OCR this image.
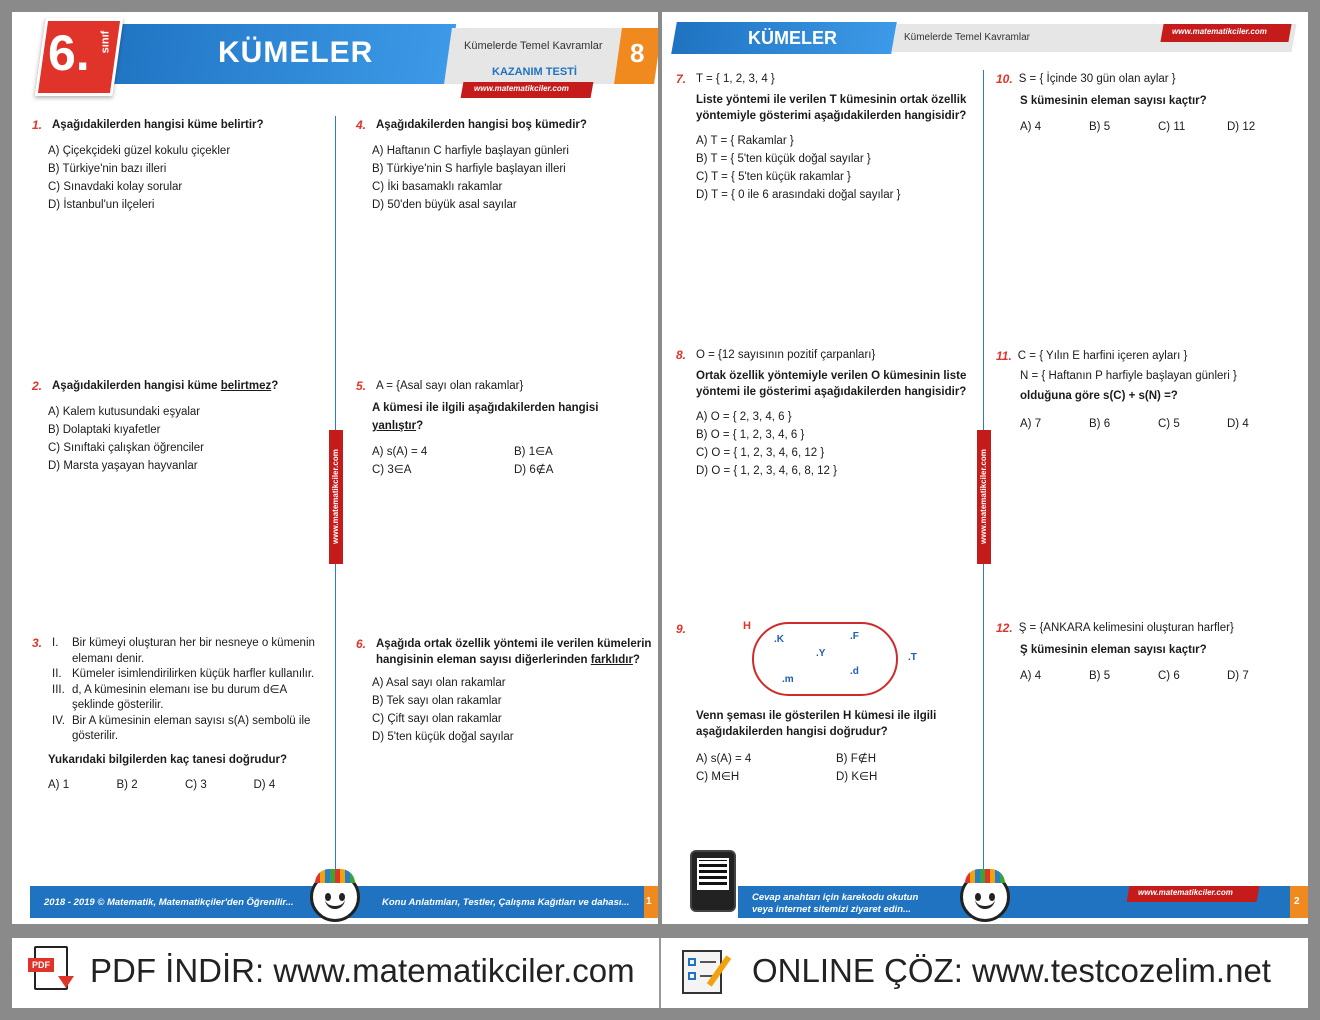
6. sınıf	KÜMELER	Kümelerde Temel Kavramlar
KAZANIM TESTİ
8
www.matematikciler.com
www.matematikciler.com
1. Aşağıdakilerden hangisi küme belirtir?
A) Çiçekçideki güzel kokulu çiçekler
B) Türkiye'nin bazı illeri
C) Sınavdaki kolay sorular
D) İstanbul'un ilçeleri
2. Aşağıdakilerden hangisi küme belirtmez?
A) Kalem kutusundaki eşyalar
B) Dolaptaki kıyafetler
C) Sınıftaki çalışkan öğrenciler
D) Marsta yaşayan hayvanlar
3. I.	Bir kümeyi oluşturan her bir nesneye o kümenin elemanı denir.
II. Kümeler isimlendirilirken küçük harfler kullanılır.
III. d, A kümesinin elemanı ise bu durum d∈A şeklinde gösterilir.
IV. Bir A kümesinin eleman sayısı s(A) sembolü ile gösterilir.
Yukarıdaki bilgilerden kaç tanesi doğrudur?
A) 1	B) 2	C) 3	D) 4
4. Aşağıdakilerden hangisi boş kümedir?
A) Haftanın C harfiyle başlayan günleri
B) Türkiye'nin S harfiyle başlayan illeri
C) İki basamaklı rakamlar
D) 50'den büyük asal sayılar
5. A = {Asal sayı olan rakamlar}
A kümesi ile ilgili aşağıdakilerden hangisi yanlıştır?
A) s(A) = 4	B) 1∈A
C) 3∈A	D) 6∉A
6. Aşağıda ortak özellik yöntemi ile verilen kümelerin hangisinin eleman sayısı diğerlerinden farklıdır?
A) Asal sayı olan rakamlar
B) Tek sayı olan rakamlar
C) Çift sayı olan rakamlar
D) 5'ten küçük doğal sayılar
2018 - 2019 © Matematik, Matematikçiler'den Öğrenilir...	Konu Anlatımları, Testler, Çalışma Kağıtları ve dahası... 1
KÜMELER	Kümelerde Temel Kavramlar
www.matematikciler.com
www.matematikciler.com
7. T = { 1, 2, 3, 4 }
Liste yöntemi ile verilen T kümesinin ortak özellik yöntemiyle gösterimi aşağıdakilerden hangisidir?
A) T = { Rakamlar }
B) T = { 5'ten küçük doğal sayılar }
C) T = { 5'ten küçük rakamlar }
D) T = { 0 ile 6 arasındaki doğal sayılar }
8. O = {12 sayısının pozitif çarpanları}
Ortak özellik yöntemiyle verilen O kümesinin liste yöntemi ile gösterimi aşağıdakilerden hangisidir?
A) O = { 2, 3, 4, 6 }
B) O = { 1, 2, 3, 4, 6 }
C) O = { 1, 2, 3, 4, 6, 12 }
D) O = { 1, 2, 3, 4, 6, 8, 12 }
9.	H
.K	.F
.Y
.d
.m
.T
Venn şeması ile gösterilen H kümesi ile ilgili aşağıdakilerden hangisi doğrudur?
A) s(A) = 4	B) F∉H
C) M∈H	D) K∈H
10. S = { İçinde 30 gün olan aylar }
S kümesinin eleman sayısı kaçtır?
A) 4	B) 5	C) 11	D) 12
11. C = { Yılın E harfini içeren ayları }
N = { Haftanın P harfiyle başlayan günleri }
olduğuna göre s(C) + s(N) =?
A) 7	B) 6	C) 5	D) 4
12. Ş = {ANKARA kelimesini oluşturan harfler}
Ş kümesinin eleman sayısı kaçtır?
A) 4	B) 5	C) 6	D) 7
Cevap anahtarı için karekodu okutun
veya internet sitemizi ziyaret edin...
www.matematikciler.com
2
PDF PDF İNDİR: www.matematikciler.com	ONLINE ÇÖZ: www.testcozelim.net
